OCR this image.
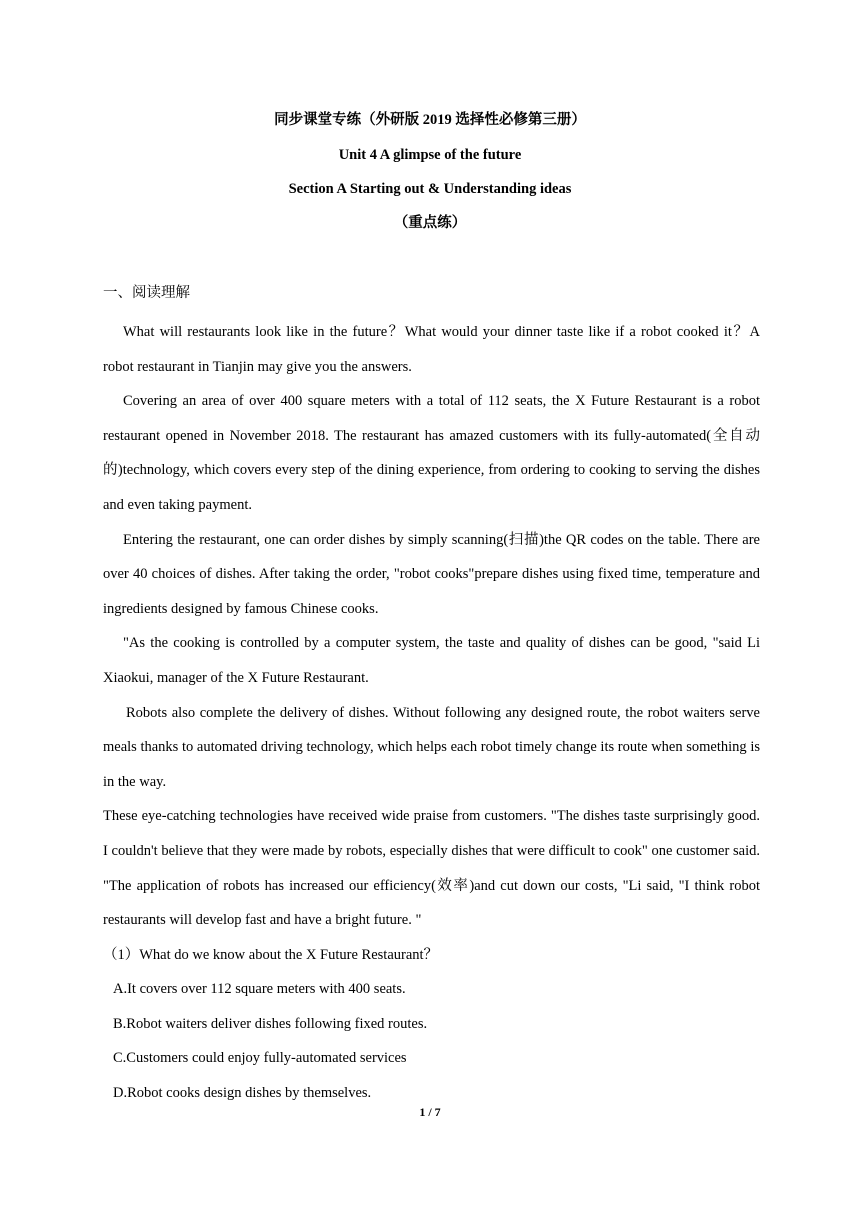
同步课堂专练（外研版 2019 选择性必修第三册）
Unit 4 A glimpse of the future
Section A Starting out & Understanding ideas
（重点练）
一、阅读理解

What will restaurants look like in the future？What would your dinner taste like if a robot cooked it？A robot restaurant in Tianjin may give you the answers.

Covering an area of over 400 square meters with a total of 112 seats, the X Future Restaurant is a robot restaurant opened in November 2018. The restaurant has amazed customers with its fully-automated(全自动的)technology, which covers every step of the dining experience, from ordering to cooking to serving the dishes and even taking payment.

Entering the restaurant, one can order dishes by simply scanning(扫描)the QR codes on the table. There are over 40 choices of dishes. After taking the order, "robot cooks"prepare dishes using fixed time, temperature and ingredients designed by famous Chinese cooks.

"As the cooking is controlled by a computer system, the taste and quality of dishes can be good, "said Li Xiaokui, manager of the X Future Restaurant.

Robots also complete the delivery of dishes. Without following any designed route, the robot waiters serve meals thanks to automated driving technology, which helps each robot timely change its route when something is in the way.

These eye-catching technologies have received wide praise from customers. "The dishes taste surprisingly good. I couldn't believe that they were made by robots, especially dishes that were difficult to cook" one customer said. "The application of robots has increased our efficiency(效率)and cut down our costs, "Li said, "I think robot restaurants will develop fast and have a bright future. "

（1）What do we know about the X Future Restaurant？

A.It covers over 112 square meters with 400 seats.

B.Robot waiters deliver dishes following fixed routes.

C.Customers could enjoy fully-automated services

D.Robot cooks design dishes by themselves.

1 / 7
